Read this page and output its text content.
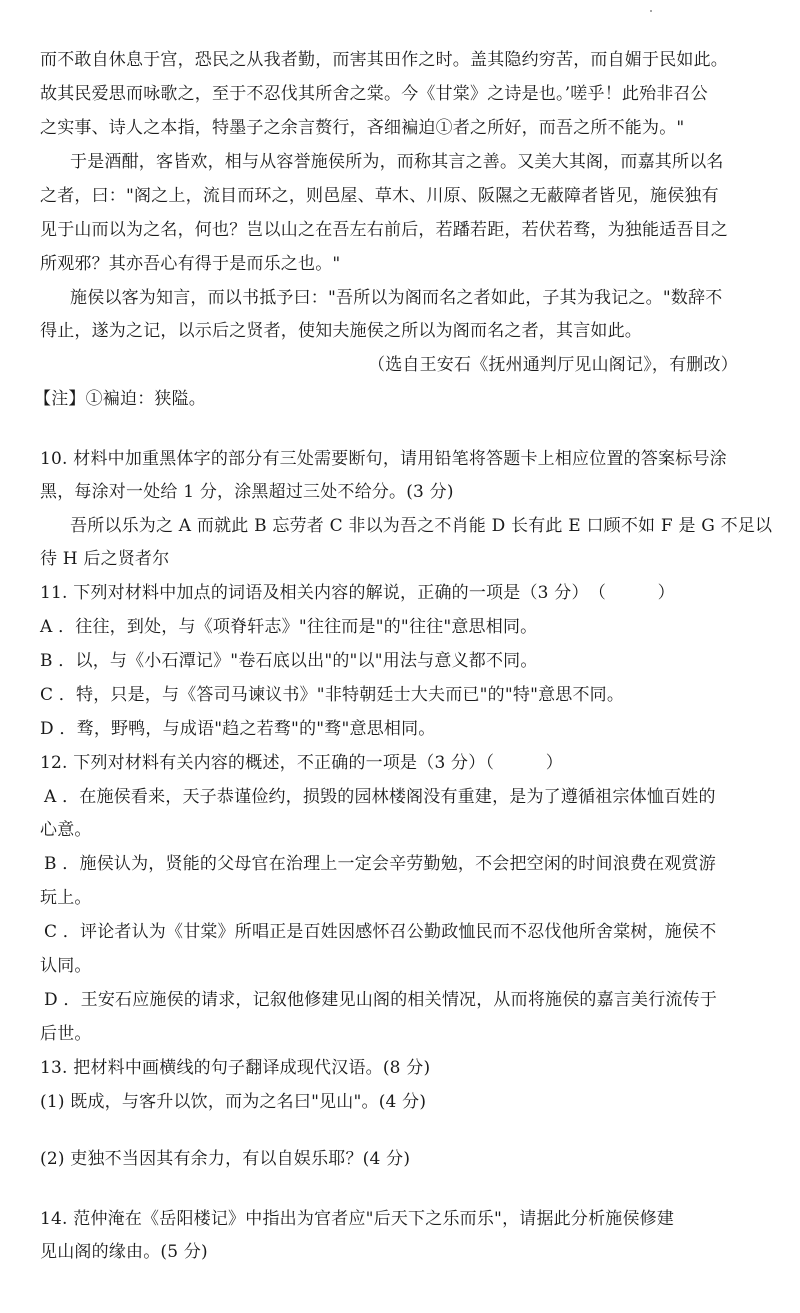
而不敢自休息于宫，恐民之从我者勤，而害其田作之时。盖其隐约穷苦，而自媚于民如此。
故其民爱思而咏歌之，至于不忍伐其所舍之棠。今《甘棠》之诗是也。’嗟乎！此殆非召公
之实事、诗人之本指，特墨子之余言赘行，吝细褊迫①者之所好，而吾之所不能为。"
于是酒酣，客皆欢，相与从容誉施侯所为，而称其言之善。又美大其阁，而嘉其所以名
之者，曰："阁之上，流目而环之，则邑屋、草木、川原、阪隰之无蔽障者皆见，施侯独有
见于山而以为之名，何也？岂以山之在吾左右前后，若蹯若距，若伏若骛，为独能适吾目之
所观邪？其亦吾心有得于是而乐之也。"
施侯以客为知言，而以书抵予曰："吾所以为阁而名之者如此，子其为我记之。"数辞不
得止，遂为之记，以示后之贤者，使知夫施侯之所以为阁而名之者，其言如此。
（选自王安石《抚州通判厅见山阁记》，有删改）
【注】①褊迫：狭隘。
10. 材料中加重黑体字的部分有三处需要断句，请用铅笔将答题卡上相应位置的答案标号涂
黑，每涂对一处给 1 分，涂黑超过三处不给分。(3 分)
吾所以乐为之 A 而就此 B 忘劳者 C 非以为吾之不肖能 D 长有此 E 口顾不如 F 是 G 不足以
待 H 后之贤者尔
11. 下列对材料中加点的词语及相关内容的解说，正确的一项是（3 分）　（　　　）
A ．往往，到处，与《项脊轩志》"往往而是"的"往往"意思相同。
B ．以，与《小石潭记》"卷石底以出"的"以"用法与意义都不同。
C ．特，只是，与《答司马谏议书》"非特朝廷士大夫而已"的"特"意思不同。
D ．骛，野鸭，与成语"趋之若骛"的"骛"意思相同。
12. 下列对材料有关内容的概述，不正确的一项是（3 分）（　　　）
A ．在施侯看来，天子恭谨俭约，损毁的园林楼阁没有重建，是为了遵循祖宗体恤百姓的
心意。
B ．施侯认为，贤能的父母官在治理上一定会辛劳勤勉，不会把空闲的时间浪费在观赏游
玩上。
C ．评论者认为《甘棠》所唱正是百姓因感怀召公勤政恤民而不忍伐他所舍棠树，施侯不
认同。
D ．王安石应施侯的请求，记叙他修建见山阁的相关情况，从而将施侯的嘉言美行流传于
后世。
13. 把材料中画横线的句子翻译成现代汉语。(8 分)
(1) 既成，与客升以饮，而为之名曰"见山"。(4 分)
(2) 吏独不当因其有余力，有以自娱乐耶？(4 分)
14. 范仲淹在《岳阳楼记》中指出为官者应"后天下之乐而乐"，请据此分析施侯修建
见山阁的缘由。(5 分)
